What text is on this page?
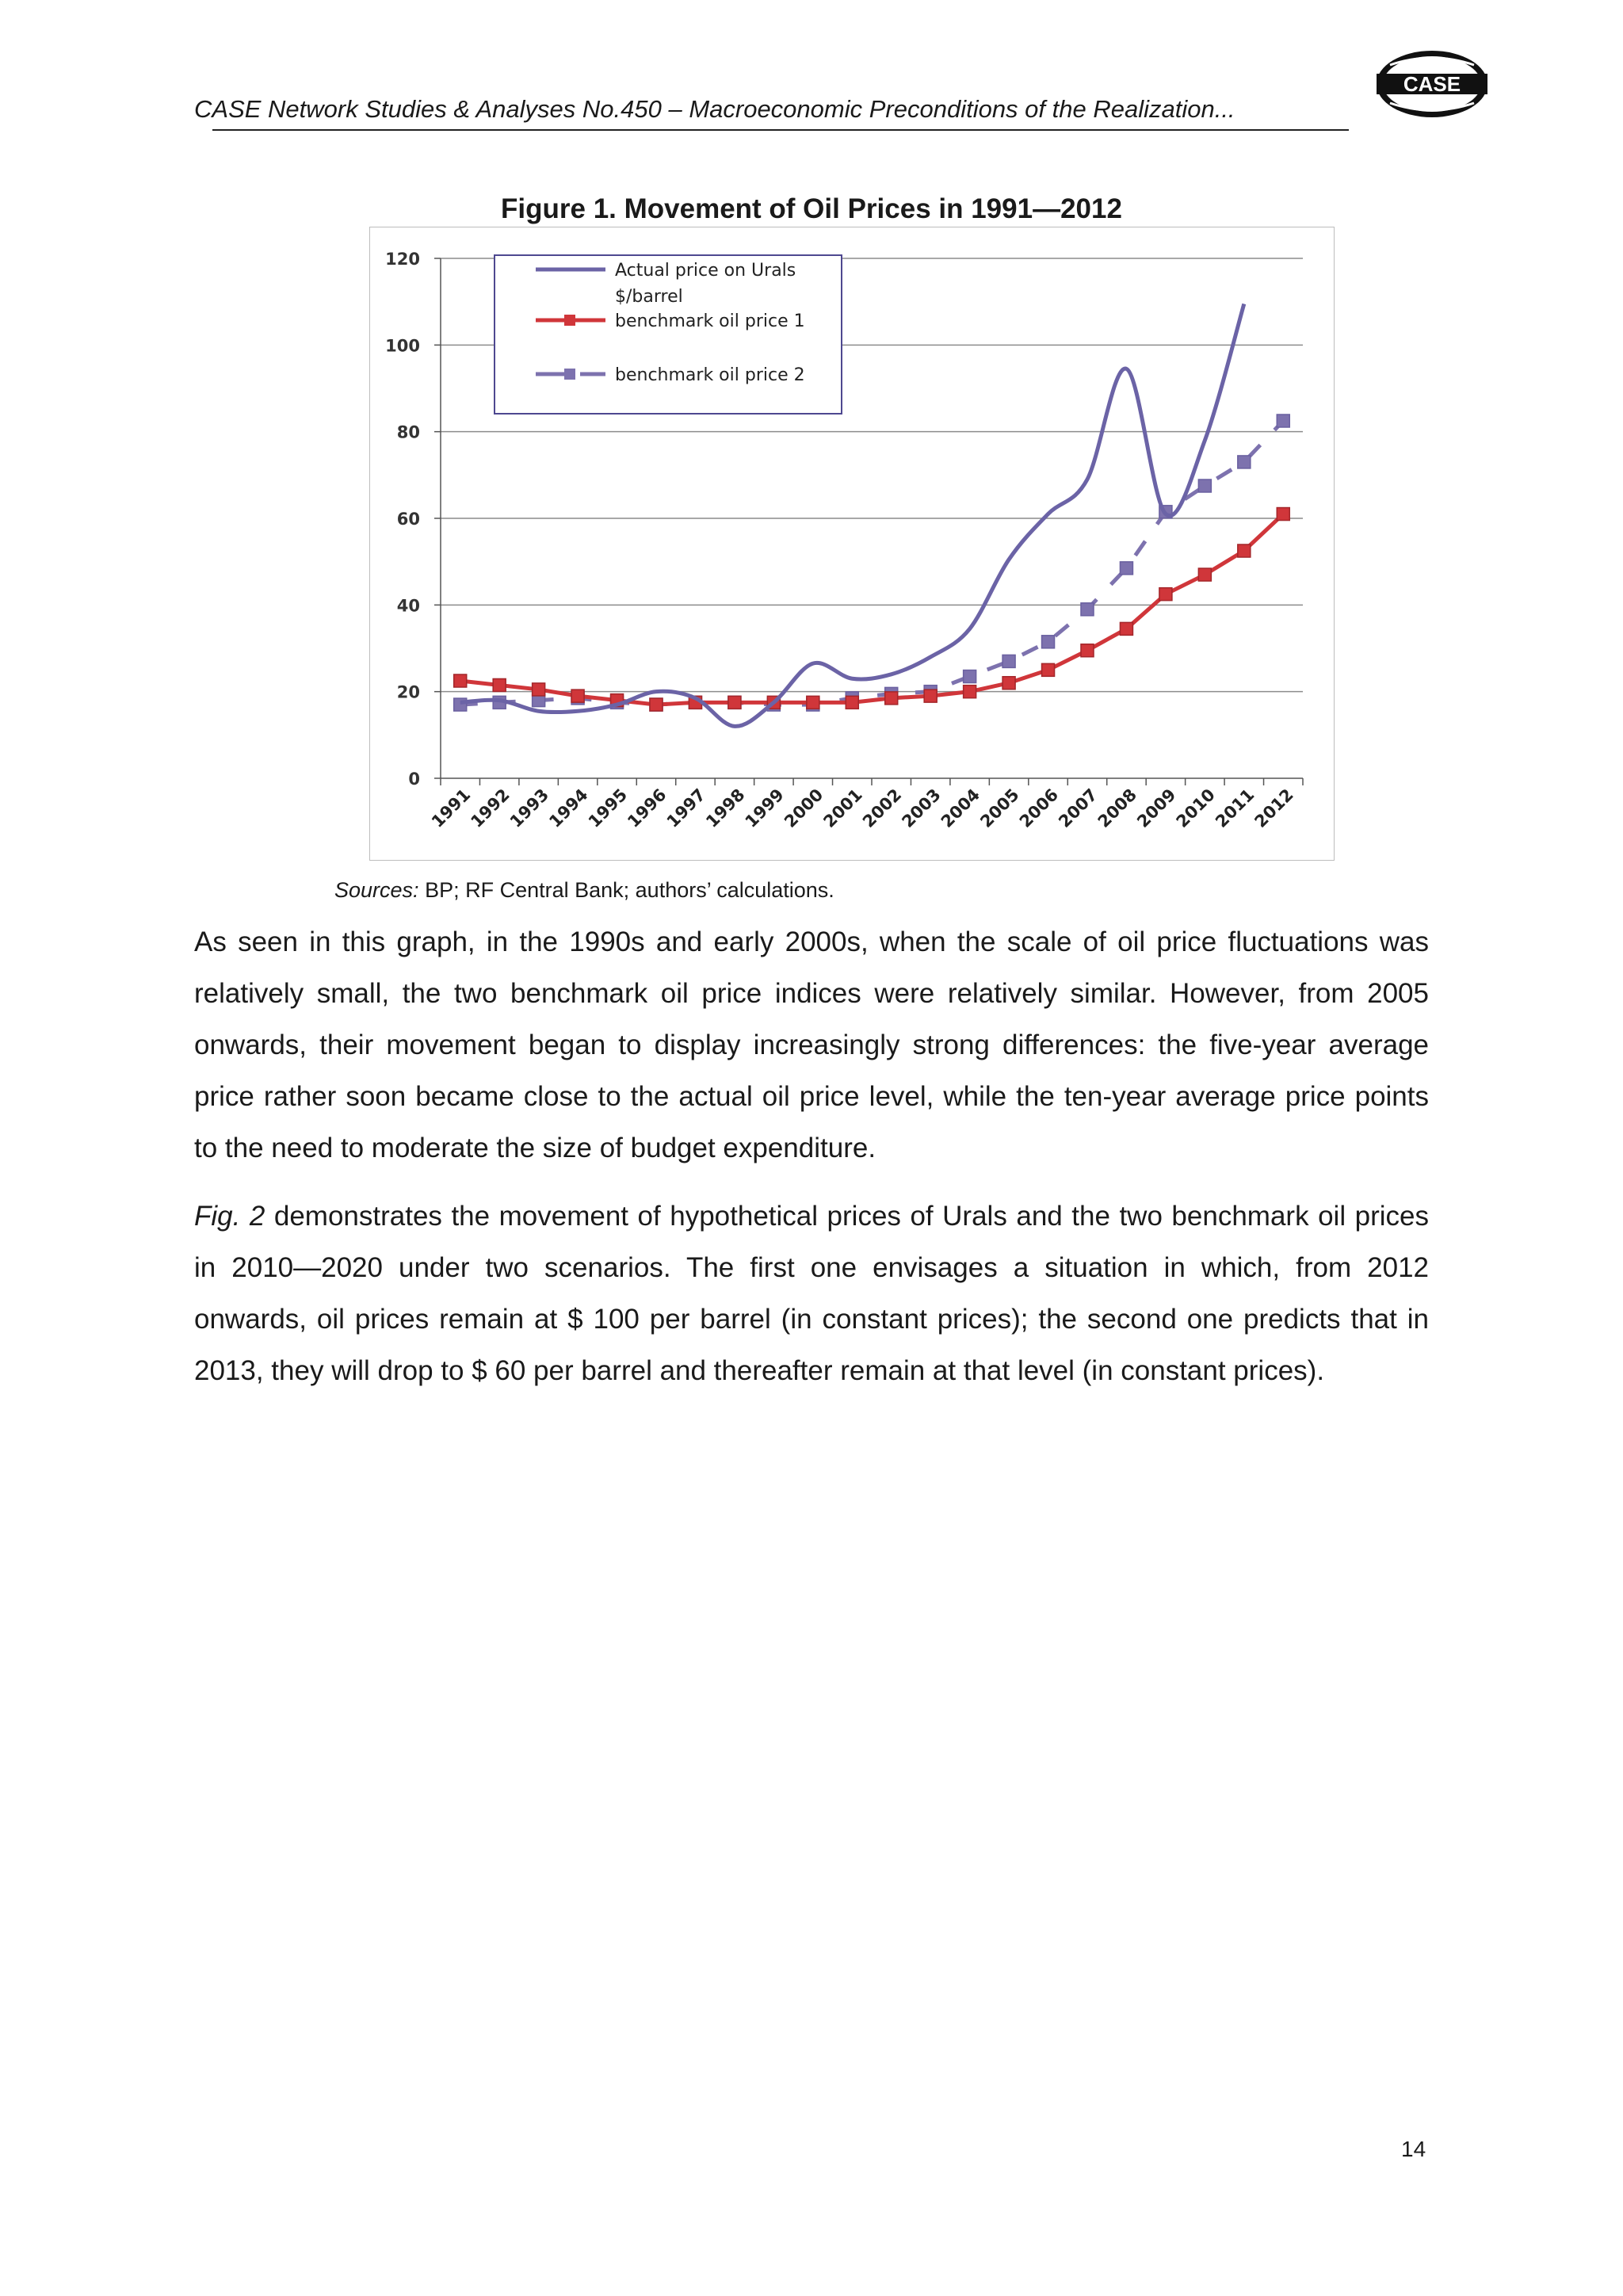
CASE Network Studies & Analyses No.450 – Macroeconomic Preconditions of the Realization...
CASE
Figure 1. Movement of Oil Prices in 1991—2012
0
20
40
60
80
100
120
1991
1992
1993
1994
1995
1996
1997
1998
1999
2000
2001
2002
2003
2004
2005
2006
2007
2008
2009
2010
2011
2012
Actual price on Urals
$/barrel
benchmark oil price 1
benchmark oil price 2
Sources: BP; RF Central Bank; authors’ calculations.

As seen in this graph, in the 1990s and early 2000s, when the scale of oil price fluctuations was relatively small, the two benchmark oil price indices were relatively similar. However, from 2005 onwards, their movement began to display increasingly strong differences: the five-year average price rather soon became close to the actual oil price level, while the ten-year average price points to the need to moderate the size of budget expenditure.

Fig. 2 demonstrates the movement of hypothetical prices of Urals and the two benchmark oil prices in 2010—2020 under two scenarios. The first one envisages a situation in which, from 2012 onwards, oil prices remain at $ 100 per barrel (in constant prices); the second one predicts that in 2013, they will drop to $ 60 per barrel and thereafter remain at that level (in constant prices).

14
